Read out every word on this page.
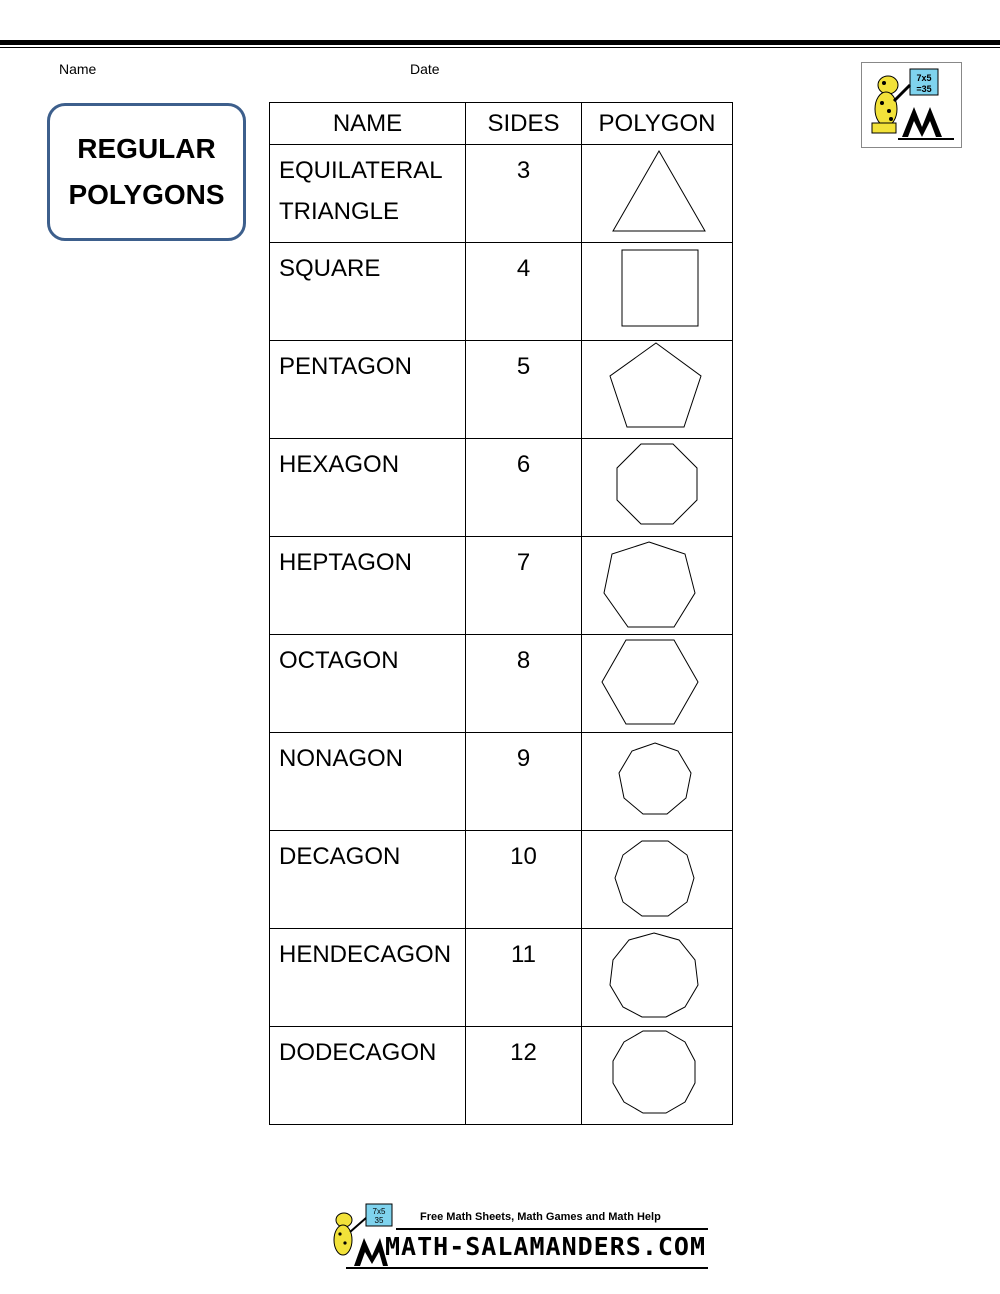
Name	Date
REGULAR
POLYGONS
7x5
=35
NAME	SIDES	POLYGON

EQUILATERAL
TRIANGLE	3	

SQUARE	4	

PENTAGON	5	

HEXAGON	6	

HEPTAGON	7	

OCTAGON	8	

NONAGON	9	

DECAGON	10	

HENDECAGON	11	

DODECAGON	12	
7x5
35	Free Math Sheets, Math Games and Math Help
MATH-SALAMANDERS.COM
